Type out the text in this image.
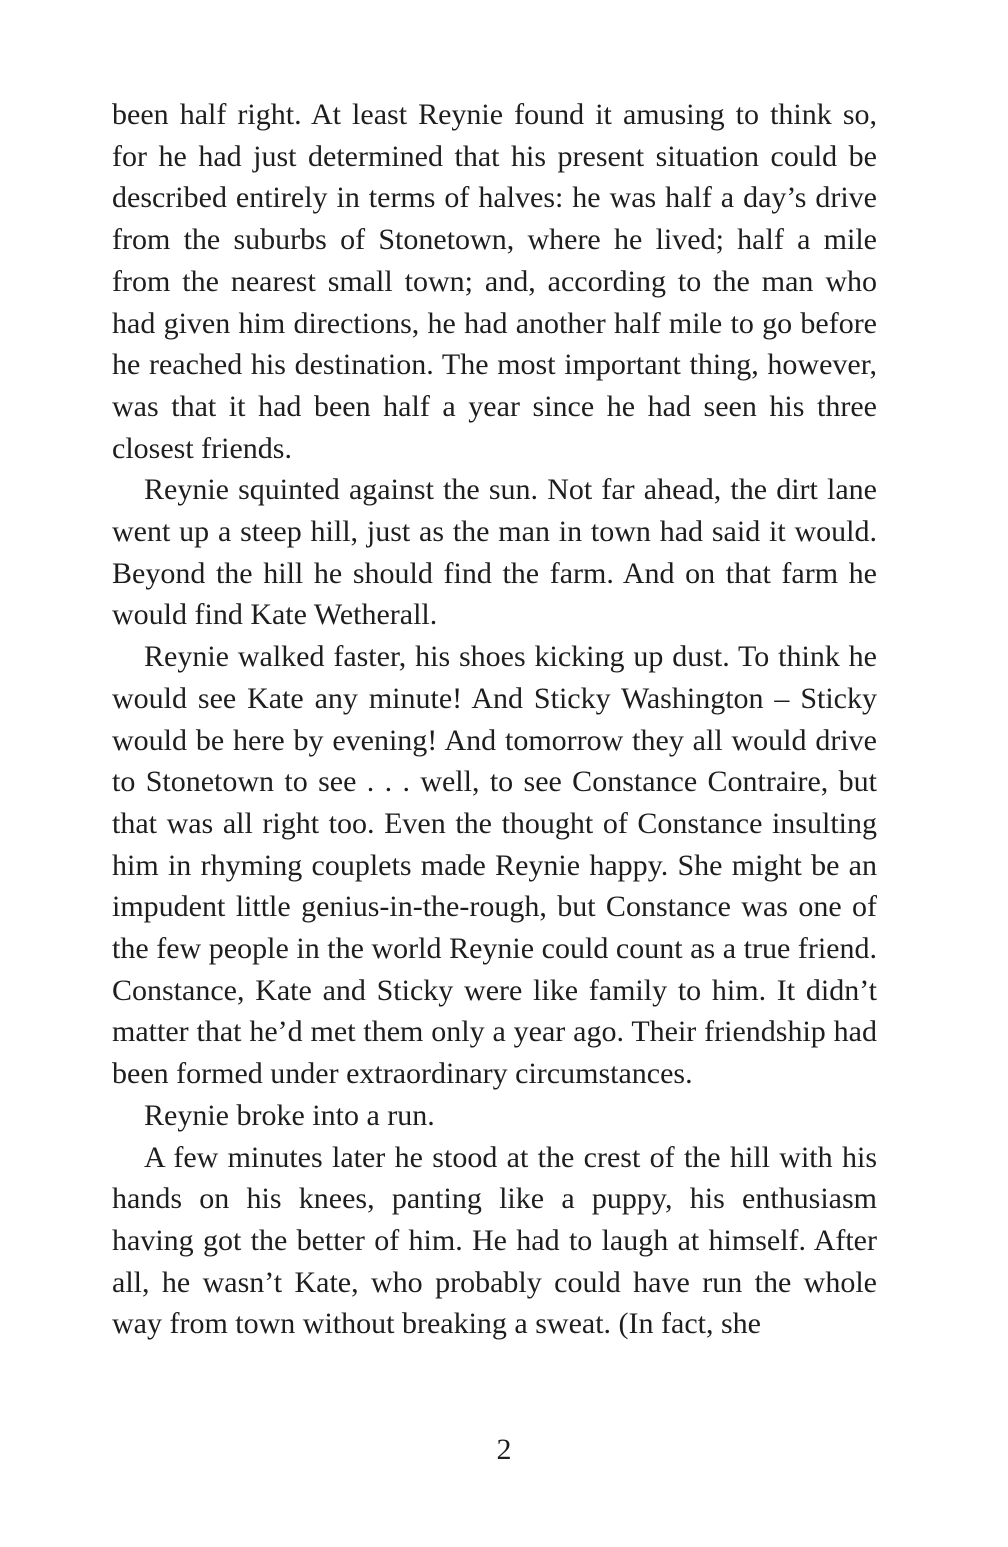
been half right. At least Reynie found it amusing to think so, for he had just determined that his present situation could be described entirely in terms of halves: he was half a day’s drive from the suburbs of Stonetown, where he lived; half a mile from the nearest small town; and, according to the man who had given him directions, he had another half mile to go before he reached his destination. The most important thing, however, was that it had been half a year since he had seen his three closest friends.

Reynie squinted against the sun. Not far ahead, the dirt lane went up a steep hill, just as the man in town had said it would. Beyond the hill he should find the farm. And on that farm he would find Kate Wetherall.

Reynie walked faster, his shoes kicking up dust. To think he would see Kate any minute! And Sticky Washington – Sticky would be here by evening! And tomorrow they all would drive to Stonetown to see . . . well, to see Constance Contraire, but that was all right too. Even the thought of Constance insulting him in rhyming couplets made Reynie happy. She might be an impudent little genius-in-the-rough, but Constance was one of the few people in the world Reynie could count as a true friend. Constance, Kate and Sticky were like family to him. It didn’t matter that he’d met them only a year ago. Their friendship had been formed under extraordinary circumstances.

Reynie broke into a run.

A few minutes later he stood at the crest of the hill with his hands on his knees, panting like a puppy, his enthusiasm having got the better of him. He had to laugh at himself. After all, he wasn’t Kate, who probably could have run the whole way from town without breaking a sweat. (In fact, she

2
